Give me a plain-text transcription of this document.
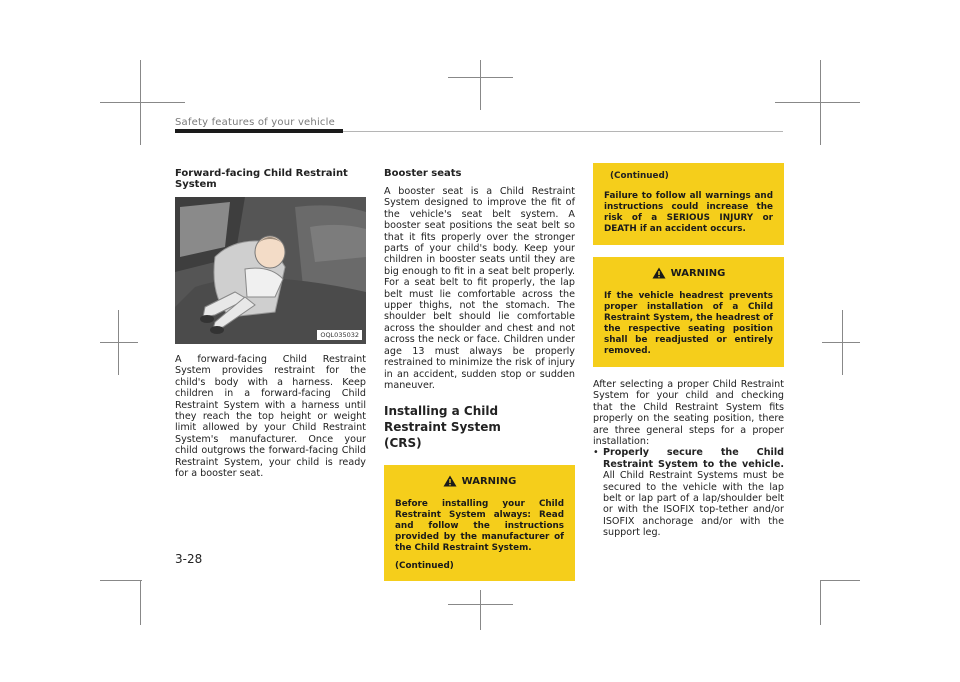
Safety features of your vehicle
Forward-facing Child Restraint System
OQL035032

A forward-facing Child Restraint System provides restraint for the child's body with a harness. Keep children in a forward-facing Child Restraint System with a harness until they reach the top height or weight limit allowed by your Child Restraint System's manufacturer. Once your child outgrows the forward-facing Child Restraint System, your child is ready for a booster seat.

Booster seats

A booster seat is a Child Restraint System designed to improve the fit of the vehicle's seat belt system. A booster seat positions the seat belt so that it fits properly over the stronger parts of your child's body. Keep your children in booster seats until they are big enough to fit in a seat belt properly. For a seat belt to fit properly, the lap belt must lie comfortable across the upper thighs, not the stomach. The shoulder belt should lie comfortable across the shoulder and chest and not across the neck or face. Children under age 13 must always be properly restrained to minimize the risk of injury in an accident, sudden stop or sudden maneuver.

Installing a Child Restraint System (CRS)
WARNING

Before installing your Child Restraint System always: Read and follow the instructions provided by the manufacturer of the Child Restraint System.

(Continued)

(Continued)

Failure to follow all warnings and instructions could increase the risk of a SERIOUS INJURY or DEATH if an accident occurs.

WARNING

If the vehicle headrest prevents proper installation of a Child Restraint System, the headrest of the respective seating position shall be readjusted or entirely removed.

After selecting a proper Child Restraint System for your child and checking that the Child Restraint System fits properly on the seating position, there are three general steps for a proper installation:

• Properly secure the Child Restraint System to the vehicle. All Child Restraint Systems must be secured to the vehicle with the lap belt or lap part of a lap/shoulder belt or with the ISOFIX top-tether and/or ISOFIX anchorage and/or with the support leg.
3-28
